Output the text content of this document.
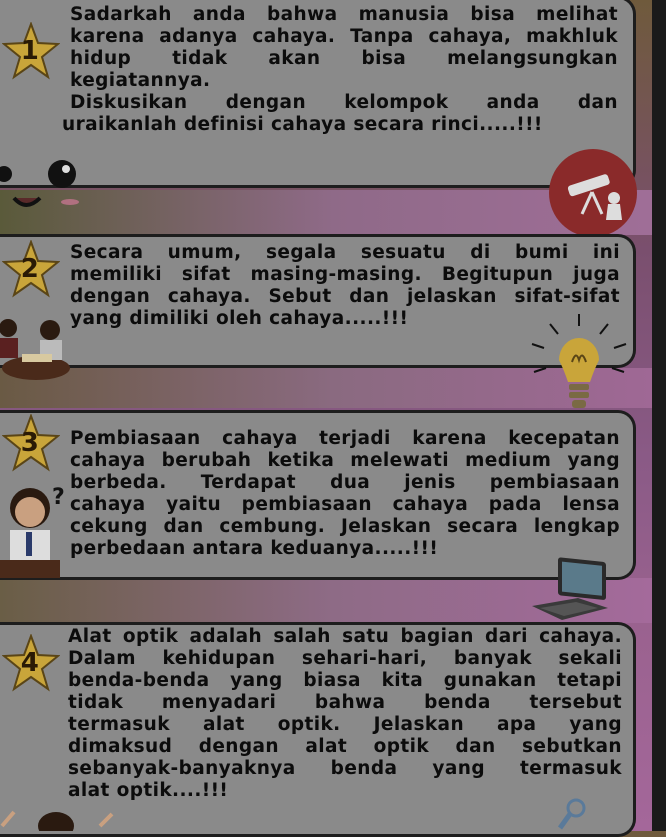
1
Sadarkah anda bahwa manusia bisa melihat
karena adanya cahaya. Tanpa cahaya, makhluk
hidup tidak akan bisa melangsungkan
kegiatannya.
Diskusikan dengan kelompok anda dan
uraikanlah definisi cahaya secara rinci.....!!!
2
Secara umum, segala sesuatu di bumi ini
memiliki sifat masing-masing. Begitupun juga
dengan cahaya. Sebut dan jelaskan sifat-sifat
yang dimiliki oleh cahaya.....!!!
3 Pembiasaan cahaya terjadi karena kecepatan
cahaya berubah ketika melewati medium yang
berbeda. Terdapat dua jenis pembiasaan
cahaya yaitu pembiasaan cahaya pada lensa
cekung dan cembung. Jelaskan secara lengkap
perbedaan antara keduanya.....!!!
?
4
Alat optik adalah salah satu bagian dari cahaya.
Dalam kehidupan sehari-hari, banyak sekali
benda-benda yang biasa kita gunakan tetapi
tidak menyadari bahwa benda tersebut
termasuk alat optik. Jelaskan apa yang
dimaksud dengan alat optik dan sebutkan
sebanyak-banyaknya benda yang termasuk
alat optik....!!!
